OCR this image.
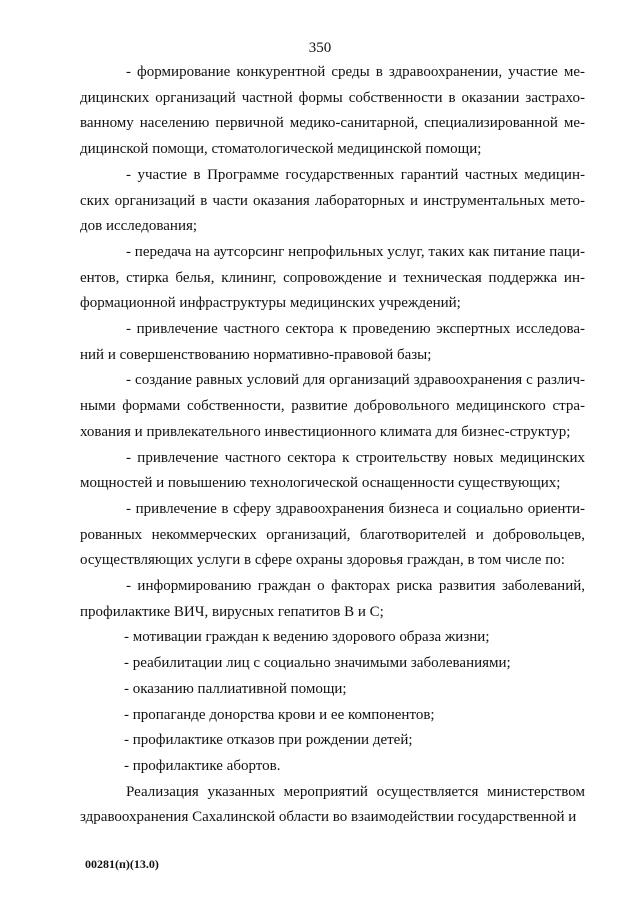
350

- формирование конкурентной среды в здравоохранении, участие медицинских организаций частной формы собственности в оказании застрахованному населению первичной медико-санитарной, специализированной медицинской помощи, стоматологической медицинской помощи;

- участие в Программе государственных гарантий частных медицинских организаций в части оказания лабораторных и инструментальных методов исследования;

- передача на аутсорсинг непрофильных услуг, таких как питание пациентов, стирка белья, клининг, сопровождение и техническая поддержка информационной инфраструктуры медицинских учреждений;

- привлечение частного сектора к проведению экспертных исследований и совершенствованию нормативно-правовой базы;

- создание равных условий для организаций здравоохранения с различными формами собственности, развитие добровольного медицинского страхования и привлекательного инвестиционного климата для бизнес-структур;

- привлечение частного сектора к строительству новых медицинских мощностей и повышению технологической оснащенности существующих;

- привлечение в сферу здравоохранения бизнеса и социально ориентированных некоммерческих организаций, благотворителей и добровольцев, осуществляющих услуги в сфере охраны здоровья граждан, в том числе по:

- информированию граждан о факторах риска развития заболеваний, профилактике ВИЧ, вирусных гепатитов B и C;

- мотивации граждан к ведению здорового образа жизни;

- реабилитации лиц с социально значимыми заболеваниями;

- оказанию паллиативной помощи;

- пропаганде донорства крови и ее компонентов;

- профилактике отказов при рождении детей;

- профилактике абортов.

Реализация указанных мероприятий осуществляется министерством здравоохранения Сахалинской области во взаимодействии государственной и

00281(п)(13.0)
